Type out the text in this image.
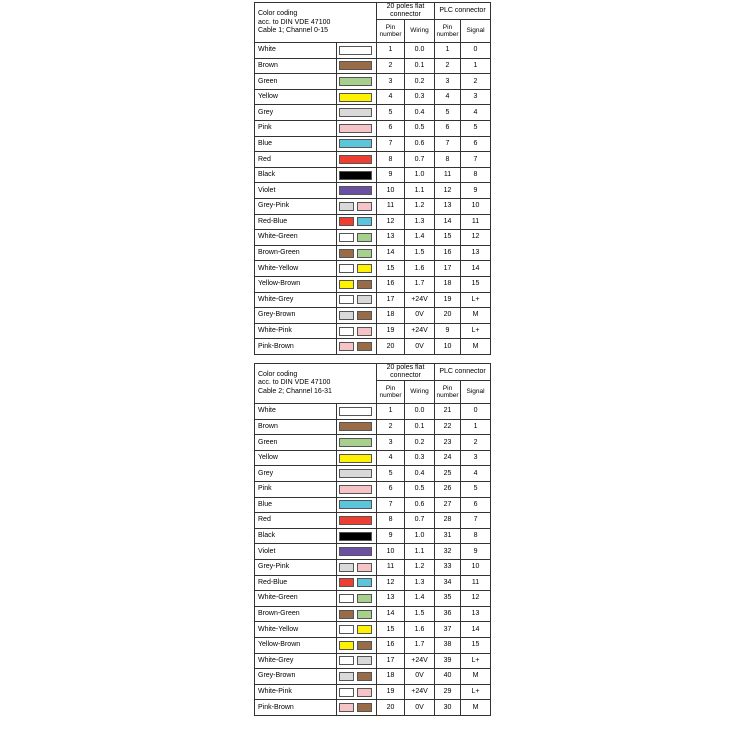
Color coding
acc. to DIN VDE 47100
Cable 1; Channel 0-15		20 poles flat connector		PLC connector	
		Pin number	Wiring	Pin number	Signal
White		1	0.0	1	0
Brown		2	0.1	2	1
Green		3	0.2	3	2
Yellow		4	0.3	4	3
Grey		5	0.4	5	4
Pink		6	0.5	6	5
Blue		7	0.6	7	6
Red		8	0.7	8	7
Black		9	1.0	11	8
Violet		10	1.1	12	9
Grey-Pink		11	1.2	13	10
Red-Blue		12	1.3	14	11
White-Green		13	1.4	15	12
Brown-Green		14	1.5	16	13
White-Yellow		15	1.6	17	14
Yellow-Brown		16	1.7	18	15
White-Grey		17	+24V	19	L+
Grey-Brown		18	0V	20	M
White-Pink		19	+24V	9	L+
Pink-Brown		20	0V	10	M
Color coding
acc. to DIN VDE 47100
Cable 2; Channel 16-31		20 poles flat connector		PLC connector	
		Pin number	Wiring	Pin number	Signal
White		1	0.0	21	0
Brown		2	0.1	22	1
Green		3	0.2	23	2
Yellow		4	0.3	24	3
Grey		5	0.4	25	4
Pink		6	0.5	26	5
Blue		7	0.6	27	6
Red		8	0.7	28	7
Black		9	1.0	31	8
Violet		10	1.1	32	9
Grey-Pink		11	1.2	33	10
Red-Blue		12	1.3	34	11
White-Green		13	1.4	35	12
Brown-Green		14	1.5	36	13
White-Yellow		15	1.6	37	14
Yellow-Brown		16	1.7	38	15
White-Grey		17	+24V	39	L+
Grey-Brown		18	0V	40	M
White-Pink		19	+24V	29	L+
Pink-Brown		20	0V	30	M
